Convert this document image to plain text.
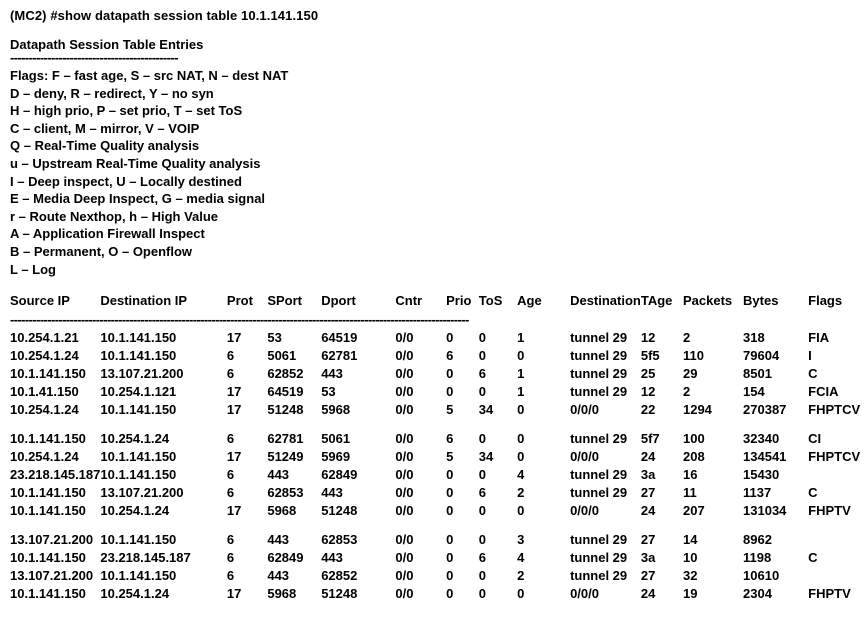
(MC2) #show datapath session table 10.1.141.150
Datapath Session Table Entries
---------------------------------------------
Flags: F – fast age, S – src NAT, N – dest NAT
D – deny, R – redirect, Y – no syn
H – high prio, P – set prio, T – set ToS
C – client, M – mirror, V – VOIP
Q – Real-Time Quality analysis
u – Upstream Real-Time Quality analysis
I – Deep inspect, U – Locally destined
E – Media Deep Inspect, G – media signal
r – Route Nexthop, h – High Value
A – Application Firewall Inspect
B – Permanent, O – Openflow
L – Log
Source IP	Destination IP	Prot	SPort	Dport	Cntr	Prio	ToS	Age	Destination	TAge	Packets	Bytes	Flags
---------------------------------------------------------------------------------------------------------------------------													
10.254.1.21	10.1.141.150	17	53	64519	0/0	0	0	1	tunnel 29	12	2	318	FIA
10.254.1.24	10.1.141.150	6	5061	62781	0/0	6	0	0	tunnel 29	5f5	110	79604	I
10.1.141.150	13.107.21.200	6	62852	443	0/0	0	6	1	tunnel 29	25	29	8501	C
10.1.41.150	10.254.1.121	17	64519	53	0/0	0	0	1	tunnel 29	12	2	154	FCIA
10.254.1.24	10.1.141.150	17	51248	5968	0/0	5	34	0	0/0/0	22	1294	270387	FHPTCV

10.1.141.150	10.254.1.24	6	62781	5061	0/0	6	0	0	tunnel 29	5f7	100	32340	CI
10.254.1.24	10.1.141.150	17	51249	5969	0/0	5	34	0	0/0/0	24	208	134541	FHPTCV
23.218.145.187	10.1.141.150	6	443	62849	0/0	0	0	4	tunnel 29	3a	16	15430	
10.1.141.150	13.107.21.200	6	62853	443	0/0	0	6	2	tunnel 29	27	11	1137	C
10.1.141.150	10.254.1.24	17	5968	51248	0/0	0	0	0	0/0/0	24	207	131034	FHPTV

13.107.21.200	10.1.141.150	6	443	62853	0/0	0	0	3	tunnel 29	27	14	8962	
10.1.141.150	23.218.145.187	6	62849	443	0/0	0	6	4	tunnel 29	3a	10	1198	C
13.107.21.200	10.1.141.150	6	443	62852	0/0	0	0	2	tunnel 29	27	32	10610	
10.1.141.150	10.254.1.24	17	5968	51248	0/0	0	0	0	0/0/0	24	19	2304	FHPTV
